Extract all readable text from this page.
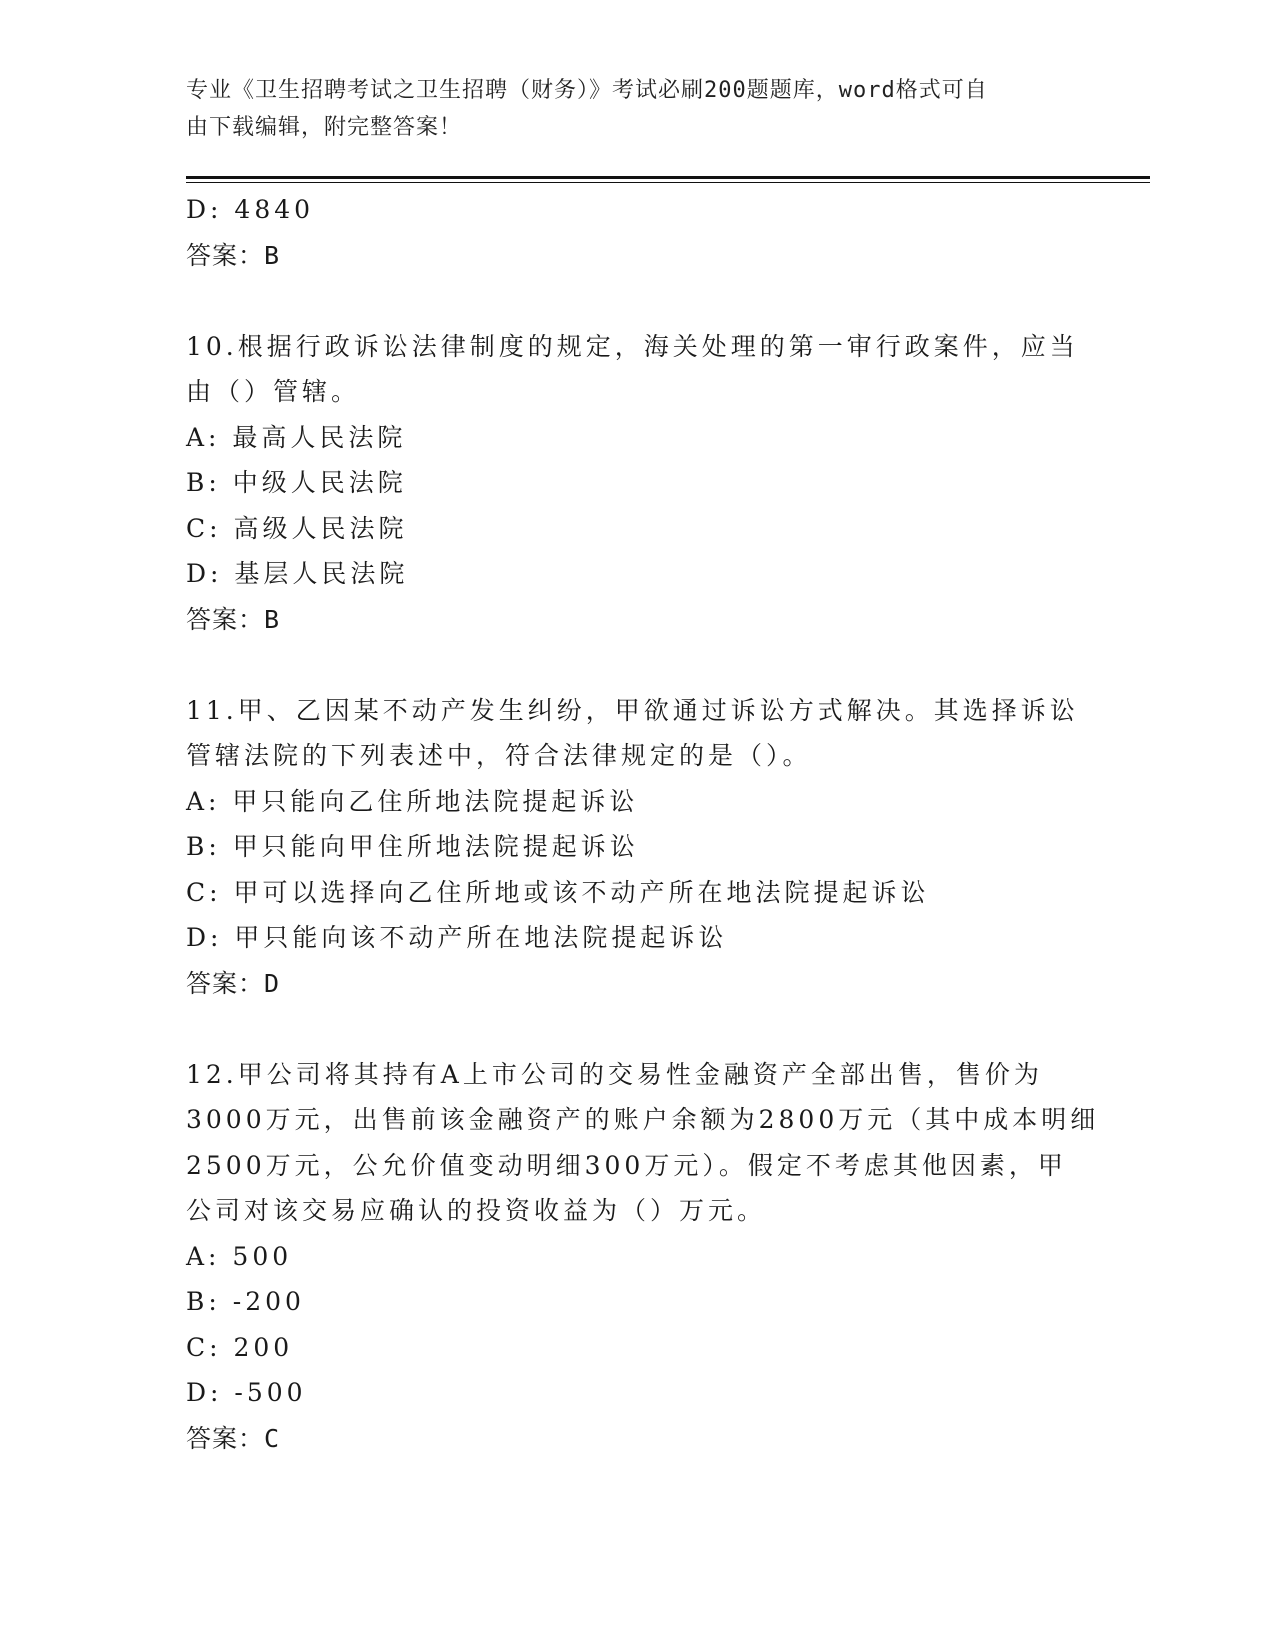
专业《卫生招聘考试之卫生招聘（财务）》考试必刷200题题库，word格式可自
由下载编辑，附完整答案！
D: 4840
答案：B
10.根据行政诉讼法律制度的规定，海关处理的第一审行政案件，应当
由（）管辖。
A: 最高人民法院
B: 中级人民法院
C: 高级人民法院
D: 基层人民法院
答案：B
11.甲、乙因某不动产发生纠纷，甲欲通过诉讼方式解决。其选择诉讼
管辖法院的下列表述中，符合法律规定的是（）。
A: 甲只能向乙住所地法院提起诉讼
B: 甲只能向甲住所地法院提起诉讼
C: 甲可以选择向乙住所地或该不动产所在地法院提起诉讼
D: 甲只能向该不动产所在地法院提起诉讼
答案：D
12.甲公司将其持有A上市公司的交易性金融资产全部出售，售价为
3000万元，出售前该金融资产的账户余额为2800万元（其中成本明细
2500万元，公允价值变动明细300万元）。假定不考虑其他因素，甲
公司对该交易应确认的投资收益为（）万元。
A: 500
B: -200
C: 200
D: -500
答案：C
